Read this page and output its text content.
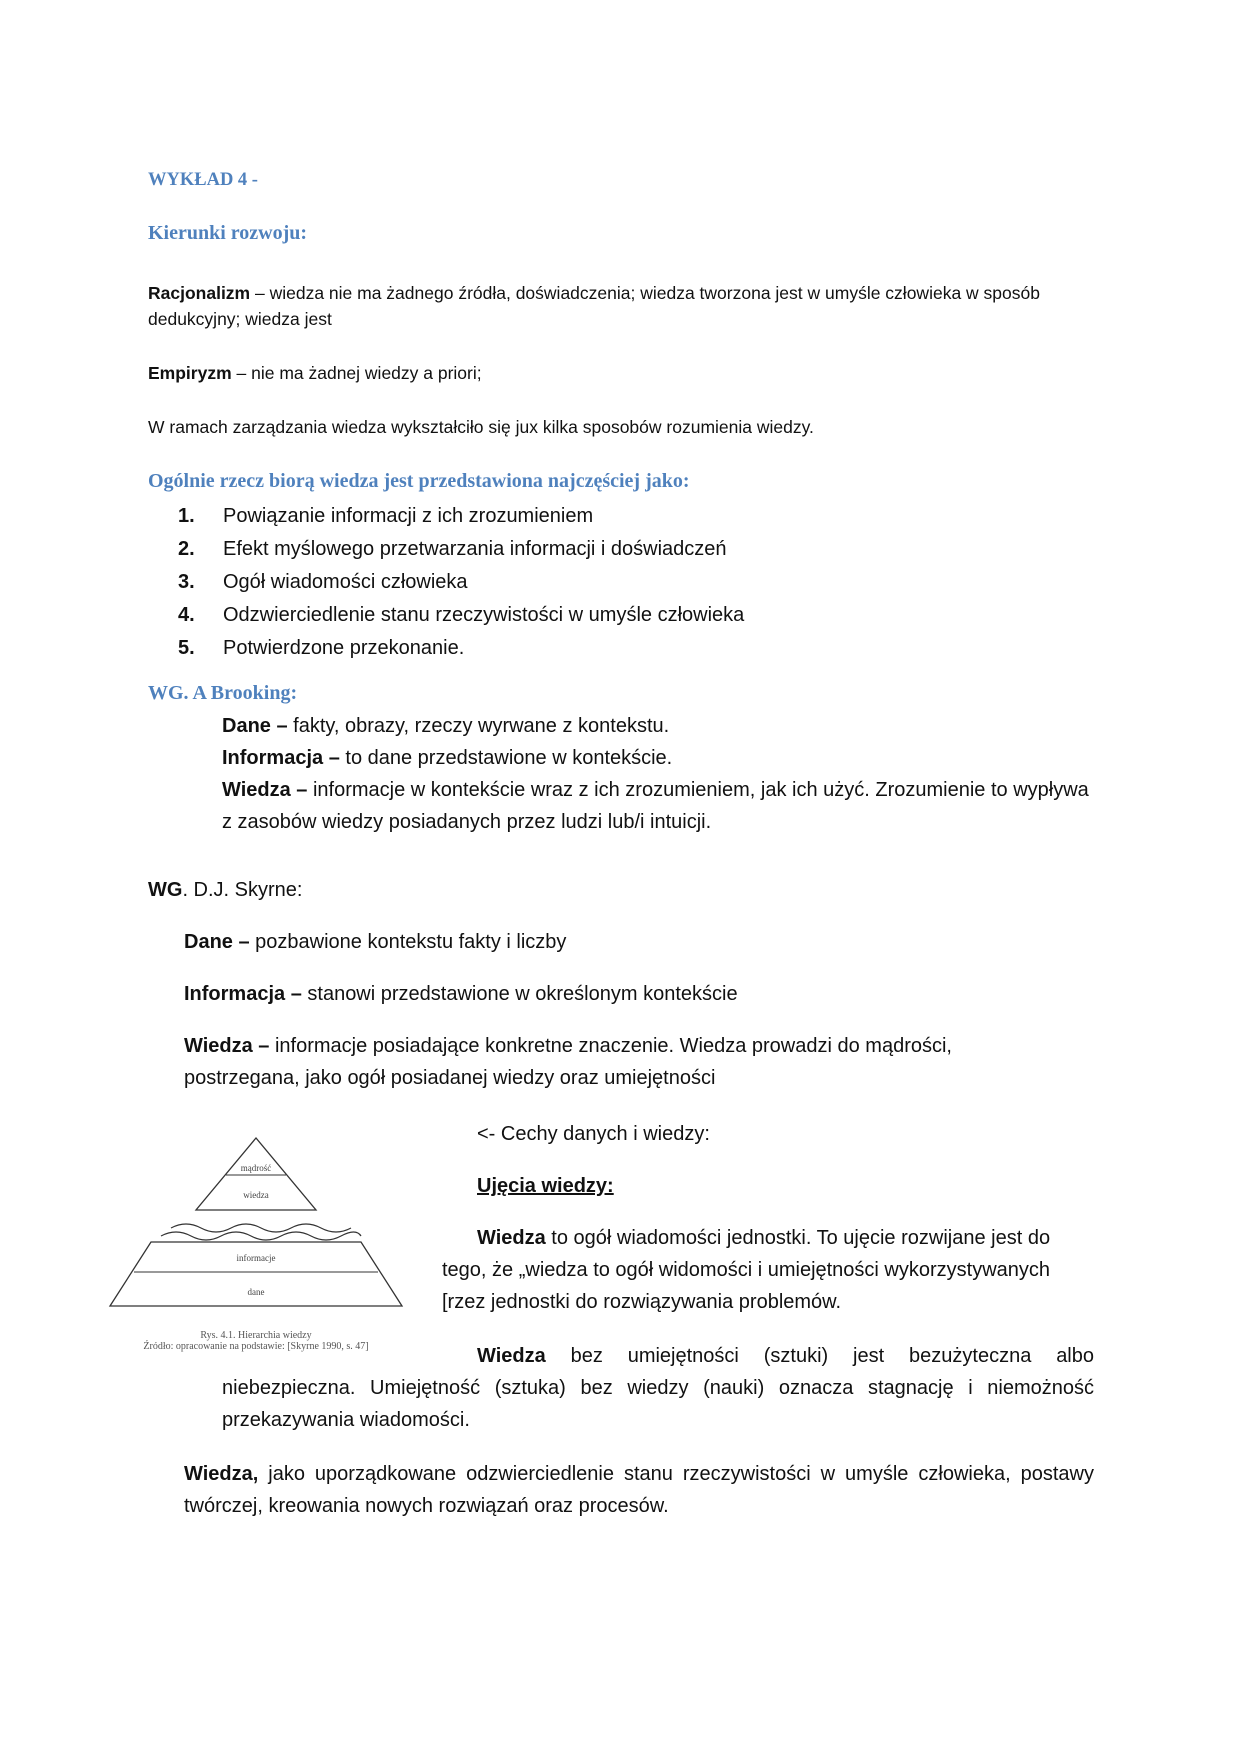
WYKŁAD 4 -
Kierunki rozwoju:

Racjonalizm – wiedza nie ma żadnego źródła, doświadczenia; wiedza tworzona jest w umyśle człowieka w sposób dedukcyjny; wiedza jest

Empiryzm – nie ma żadnej wiedzy a priori;

W ramach zarządzania wiedza wykształciło się jux kilka sposobów rozumienia wiedzy.

Ogólnie rzecz biorą wiedza jest przedstawiona najczęściej jako:
1. Powiązanie informacji z ich zrozumieniem
2. Efekt myślowego przetwarzania informacji i doświadczeń
3. Ogół wiadomości człowieka
4. Odzwierciedlenie stanu rzeczywistości w umyśle człowieka
5. Potwierdzone przekonanie.
WG. A Brooking:

Dane – fakty, obrazy, rzeczy wyrwane z kontekstu.

Informacja – to dane przedstawione w kontekście.

Wiedza – informacje w kontekście wraz z ich zrozumieniem, jak ich użyć. Zrozumienie to wypływa z zasobów wiedzy posiadanych przez ludzi lub/i intuicji.

WG. D.J. Skyrne:

Dane – pozbawione kontekstu fakty i liczby

Informacja – stanowi przedstawione w określonym kontekście

Wiedza – informacje posiadające konkretne znaczenie. Wiedza prowadzi do mądrości, postrzegana, jako ogół posiadanej wiedzy oraz umiejętności

mądrość
wiedza
informacje
dane
Rys. 4.1. Hierarchia wiedzy
Źródło: opracowanie na podstawie: [Skyrne 1990, s. 47]

<- Cechy danych i wiedzy:

Ujęcia wiedzy:

Wiedza to ogół wiadomości jednostki. To ujęcie rozwijane jest do tego, że „wiedza to ogół widomości i umiejętności wykorzystywanych [rzez jednostki do rozwiązywania problemów.

Wiedza bez umiejętności (sztuki) jest bezużyteczna albo niebezpieczna. Umiejętność (sztuka) bez wiedzy (nauki) oznacza stagnację i niemożność przekazywania wiadomości.

Wiedza, jako uporządkowane odzwierciedlenie stanu rzeczywistości w umyśle człowieka, postawy twórczej, kreowania nowych rozwiązań oraz procesów.
